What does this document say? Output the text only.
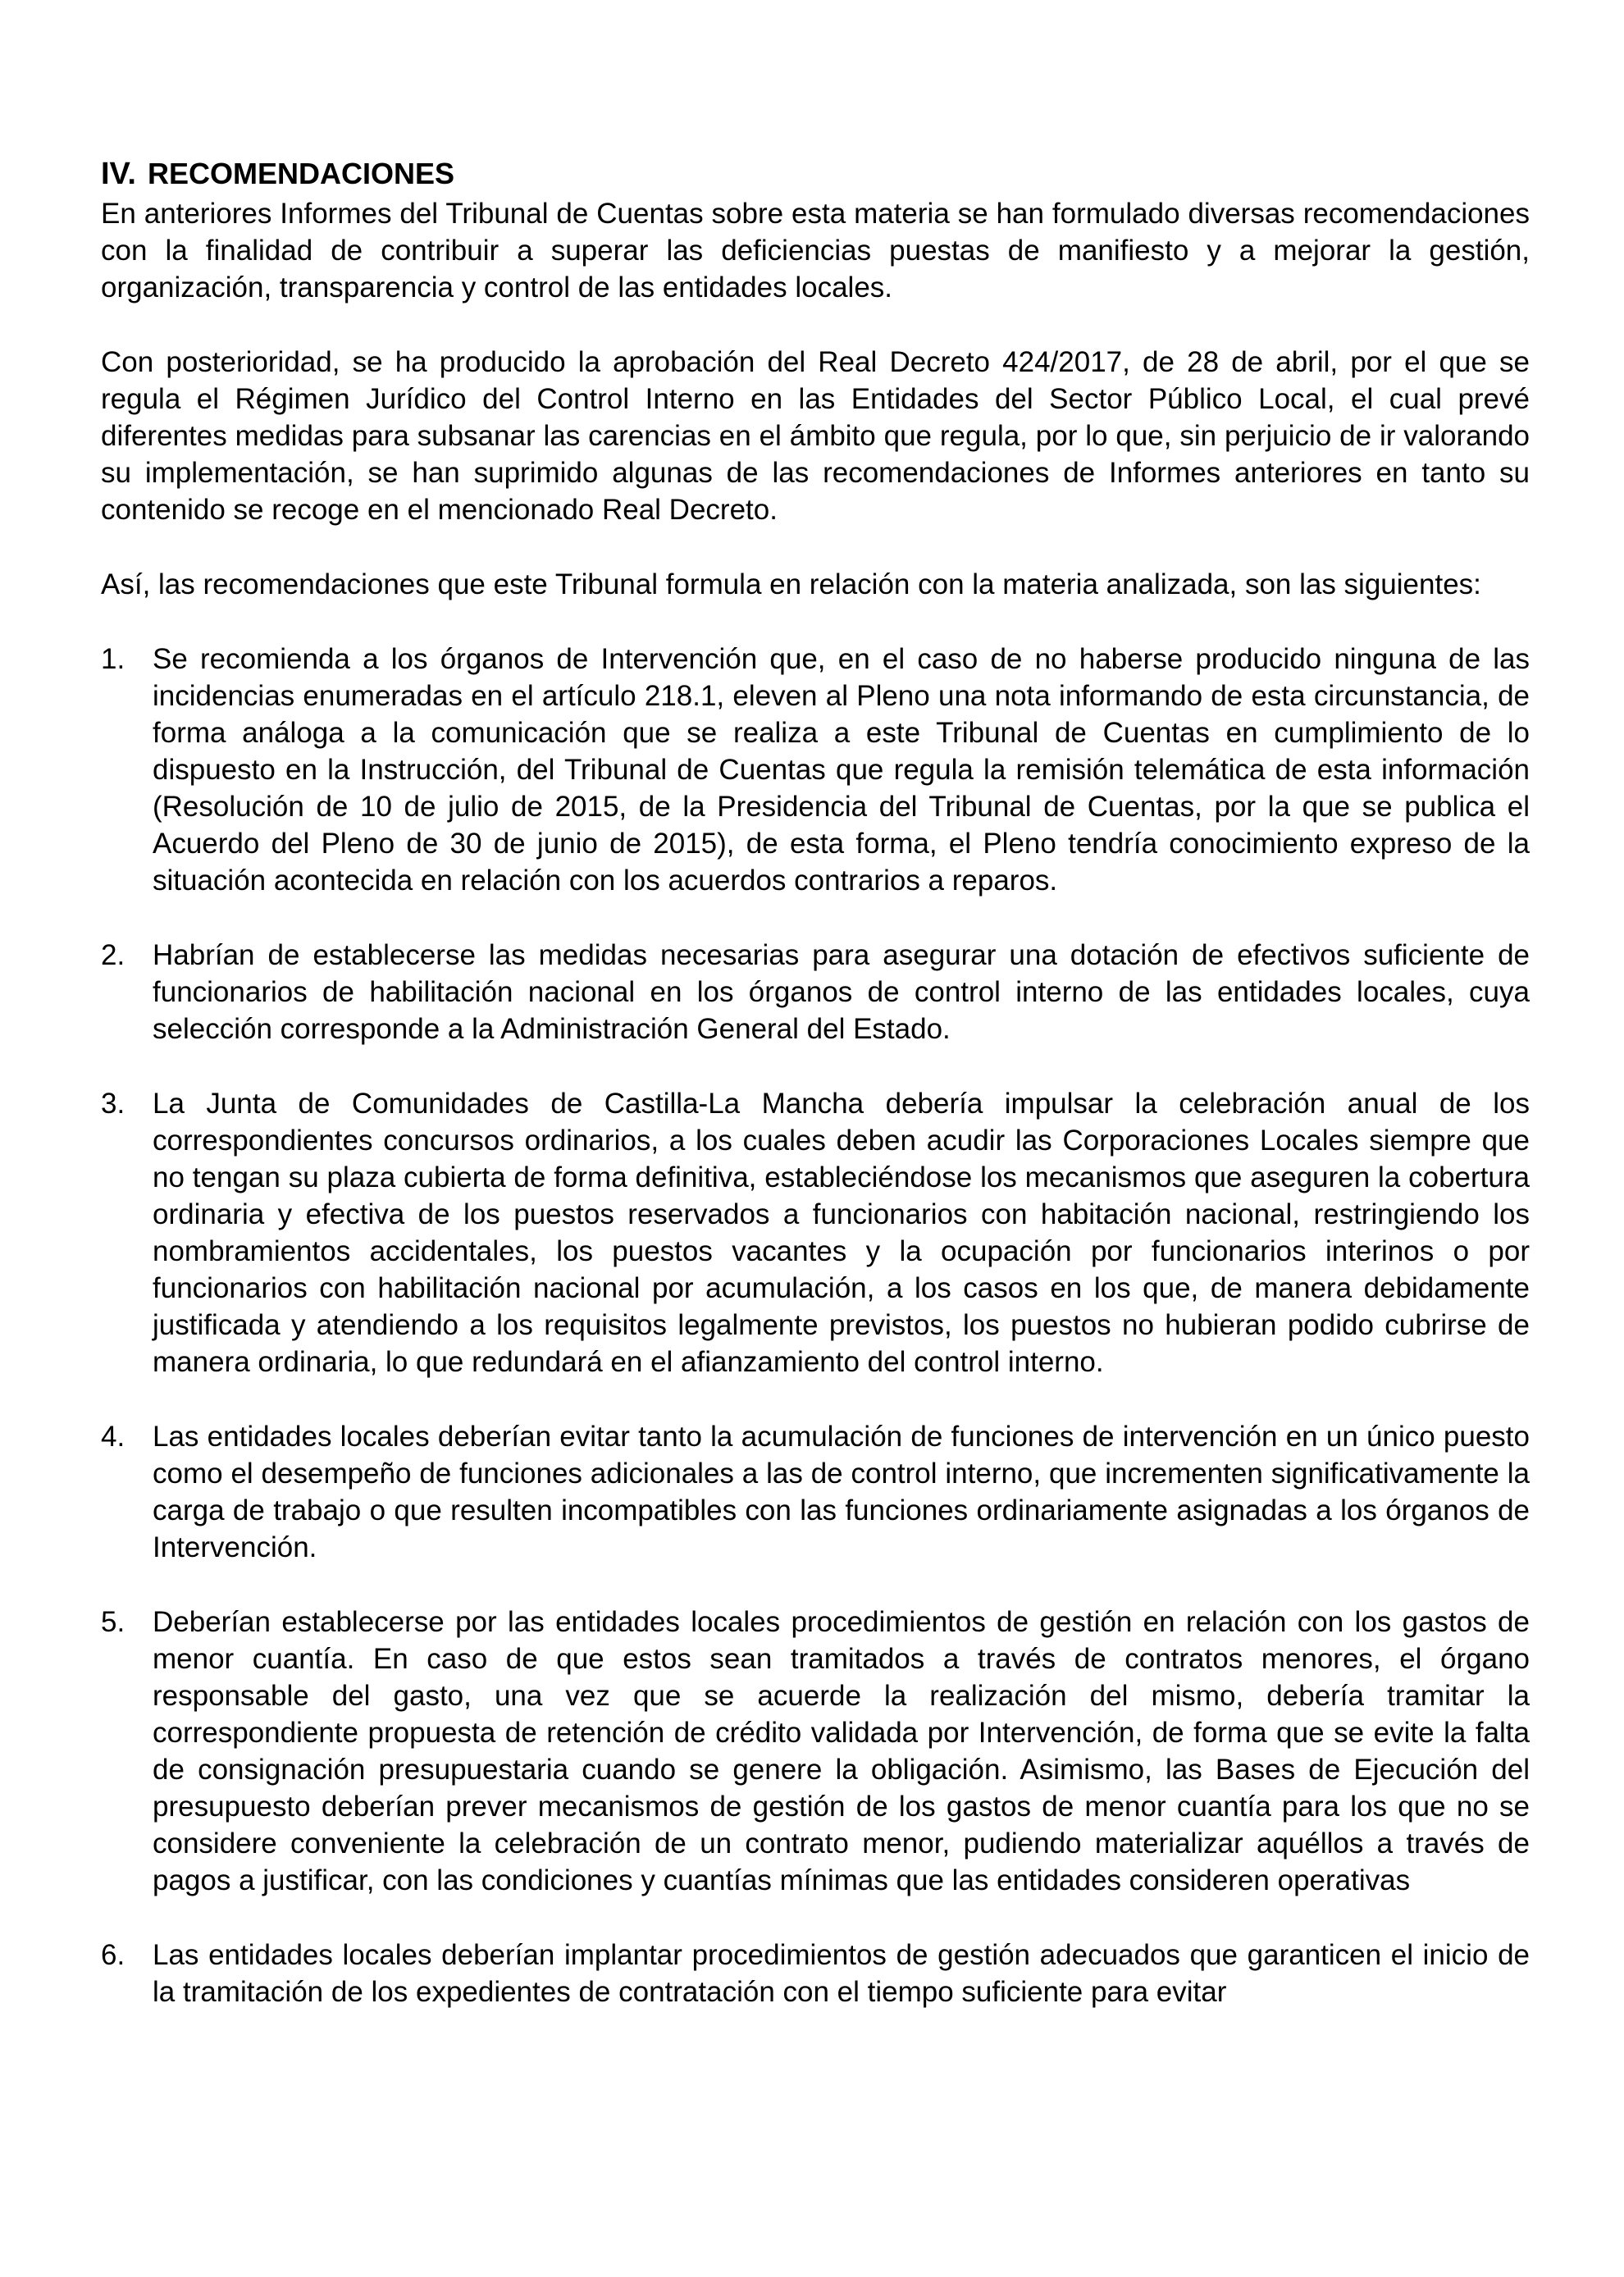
IV. RECOMENDACIONES

En anteriores Informes del Tribunal de Cuentas sobre esta materia se han formulado diversas recomendaciones con la finalidad de contribuir a superar las deficiencias puestas de manifiesto y a mejorar la gestión, organización, transparencia y control de las entidades locales.

Con posterioridad, se ha producido la aprobación del Real Decreto 424/2017, de 28 de abril, por el que se regula el Régimen Jurídico del Control Interno en las Entidades del Sector Público Local, el cual prevé diferentes medidas para subsanar las carencias en el ámbito que regula, por lo que, sin perjuicio de ir valorando su implementación, se han suprimido algunas de las recomendaciones de Informes anteriores en tanto su contenido se recoge en el mencionado Real Decreto.

Así, las recomendaciones que este Tribunal formula en relación con la materia analizada, son las siguientes:

1. Se recomienda a los órganos de Intervención que, en el caso de no haberse producido ninguna de las incidencias enumeradas en el artículo 218.1, eleven al Pleno una nota informando de esta circunstancia, de forma análoga a la comunicación que se realiza a este Tribunal de Cuentas en cumplimiento de lo dispuesto en la Instrucción, del Tribunal de Cuentas que regula la remisión telemática de esta información (Resolución de 10 de julio de 2015, de la Presidencia del Tribunal de Cuentas, por la que se publica el Acuerdo del Pleno de 30 de junio de 2015), de esta forma, el Pleno tendría conocimiento expreso de la situación acontecida en relación con los acuerdos contrarios a reparos.

2. Habrían de establecerse las medidas necesarias para asegurar una dotación de efectivos suficiente de funcionarios de habilitación nacional en los órganos de control interno de las entidades locales, cuya selección corresponde a la Administración General del Estado.

3. La Junta de Comunidades de Castilla-La Mancha debería impulsar la celebración anual de los correspondientes concursos ordinarios, a los cuales deben acudir las Corporaciones Locales siempre que no tengan su plaza cubierta de forma definitiva, estableciéndose los mecanismos que aseguren la cobertura ordinaria y efectiva de los puestos reservados a funcionarios con habitación nacional, restringiendo los nombramientos accidentales, los puestos vacantes y la ocupación por funcionarios interinos o por funcionarios con habilitación nacional por acumulación, a los casos en los que, de manera debidamente justificada y atendiendo a los requisitos legalmente previstos, los puestos no hubieran podido cubrirse de manera ordinaria, lo que redundará en el afianzamiento del control interno.

4. Las entidades locales deberían evitar tanto la acumulación de funciones de intervención en un único puesto como el desempeño de funciones adicionales a las de control interno, que incrementen significativamente la carga de trabajo o que resulten incompatibles con las funciones ordinariamente asignadas a los órganos de Intervención.

5. Deberían establecerse por las entidades locales procedimientos de gestión en relación con los gastos de menor cuantía. En caso de que estos sean tramitados a través de contratos menores, el órgano responsable del gasto, una vez que se acuerde la realización del mismo, debería tramitar la correspondiente propuesta de retención de crédito validada por Intervención, de forma que se evite la falta de consignación presupuestaria cuando se genere la obligación. Asimismo, las Bases de Ejecución del presupuesto deberían prever mecanismos de gestión de los gastos de menor cuantía para los que no se considere conveniente la celebración de un contrato menor, pudiendo materializar aquéllos a través de pagos a justificar, con las condiciones y cuantías mínimas que las entidades consideren operativas

6. Las entidades locales deberían implantar procedimientos de gestión adecuados que garanticen el inicio de la tramitación de los expedientes de contratación con el tiempo suficiente para evitar
